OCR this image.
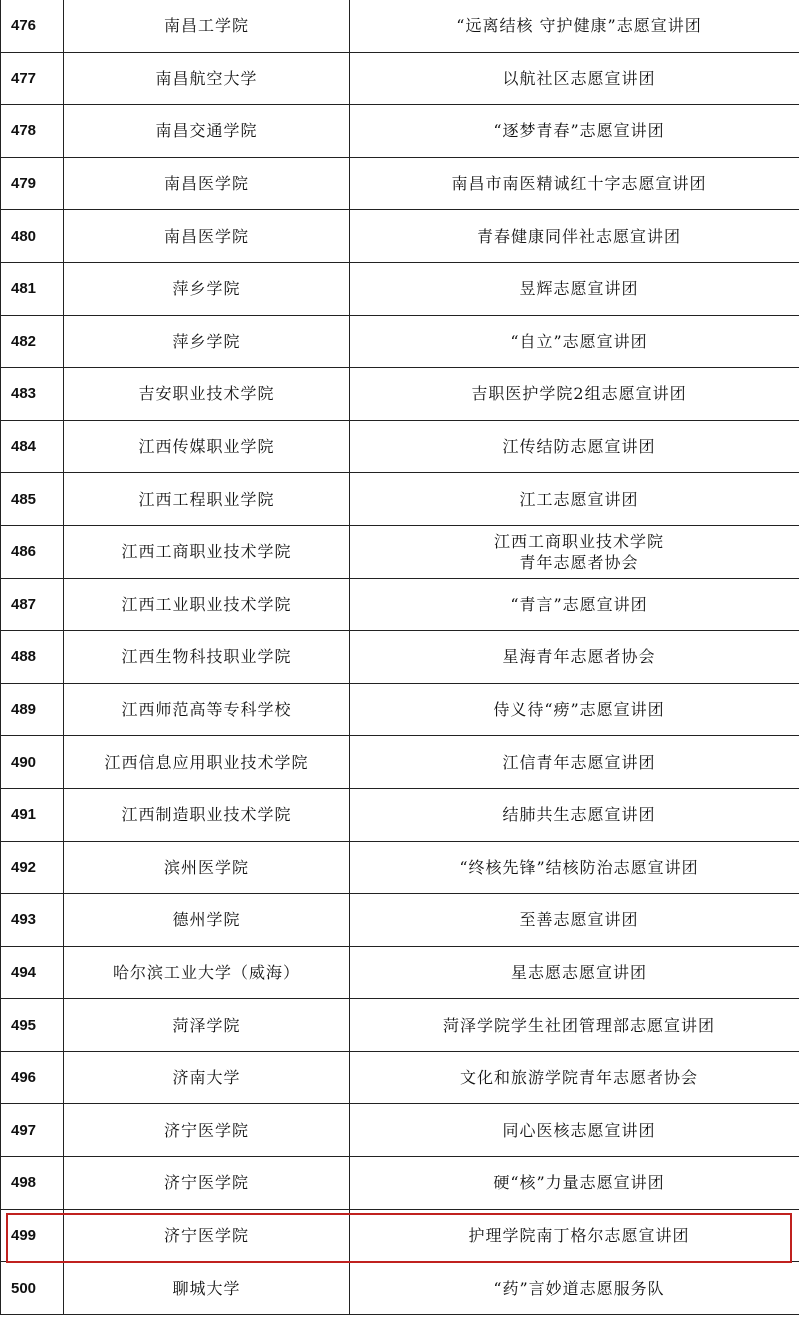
476	南昌工学院	“远离结核 守护健康”志愿宣讲团
477	南昌航空大学	以航社区志愿宣讲团
478	南昌交通学院	“逐梦青春”志愿宣讲团
479	南昌医学院	南昌市南医精诚红十字志愿宣讲团
480	南昌医学院	青春健康同伴社志愿宣讲团
481	萍乡学院	昱辉志愿宣讲团
482	萍乡学院	“自立”志愿宣讲团
483	吉安职业技术学院	吉职医护学院2组志愿宣讲团
484	江西传媒职业学院	江传结防志愿宣讲团
485	江西工程职业学院	江工志愿宣讲团
486	江西工商职业技术学院	江西工商职业技术学院
青年志愿者协会

487	江西工业职业技术学院	“青言”志愿宣讲团
488	江西生物科技职业学院	星海青年志愿者协会
489	江西师范高等专科学校	侍义待“痨”志愿宣讲团
490	江西信息应用职业技术学院	江信青年志愿宣讲团
491	江西制造职业技术学院	结肺共生志愿宣讲团
492	滨州医学院	“终核先锋”结核防治志愿宣讲团
493	德州学院	至善志愿宣讲团
494	哈尔滨工业大学（威海）	星志愿志愿宣讲团
495	菏泽学院	菏泽学院学生社团管理部志愿宣讲团
496	济南大学	文化和旅游学院青年志愿者协会
497	济宁医学院	同心医核志愿宣讲团
498	济宁医学院	硬“核”力量志愿宣讲团
499	济宁医学院	护理学院南丁格尔志愿宣讲团
500	聊城大学	“药”言妙道志愿服务队
